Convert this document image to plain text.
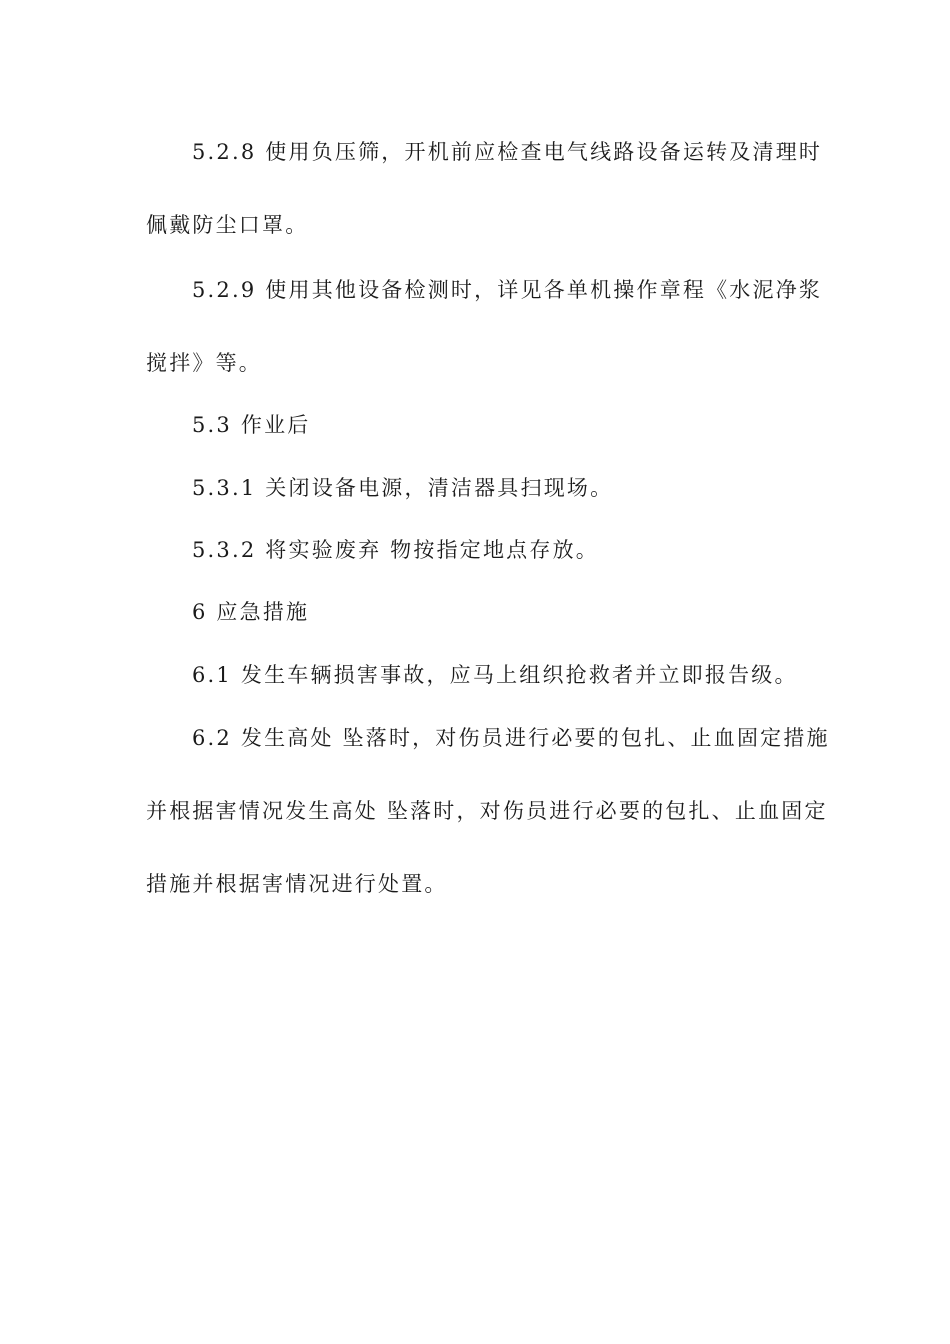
5.2.8 使用负压筛，开机前应检查电气线路设备运转及清理时
佩戴防尘口罩。
5.2.9 使用其他设备检测时，详见各单机操作章程《水泥净浆
搅拌》等。
5.3 作业后
5.3.1 关闭设备电源，清洁器具扫现场。
5.3.2 将实验废弃 物按指定地点存放。
6 应急措施
6.1 发生车辆损害事故，应马上组织抢救者并立即报告级。
6.2 发生高处 坠落时，对伤员进行必要的包扎、止血固定措施
并根据害情况发生高处 坠落时，对伤员进行必要的包扎、止血固定
措施并根据害情况进行处置。
